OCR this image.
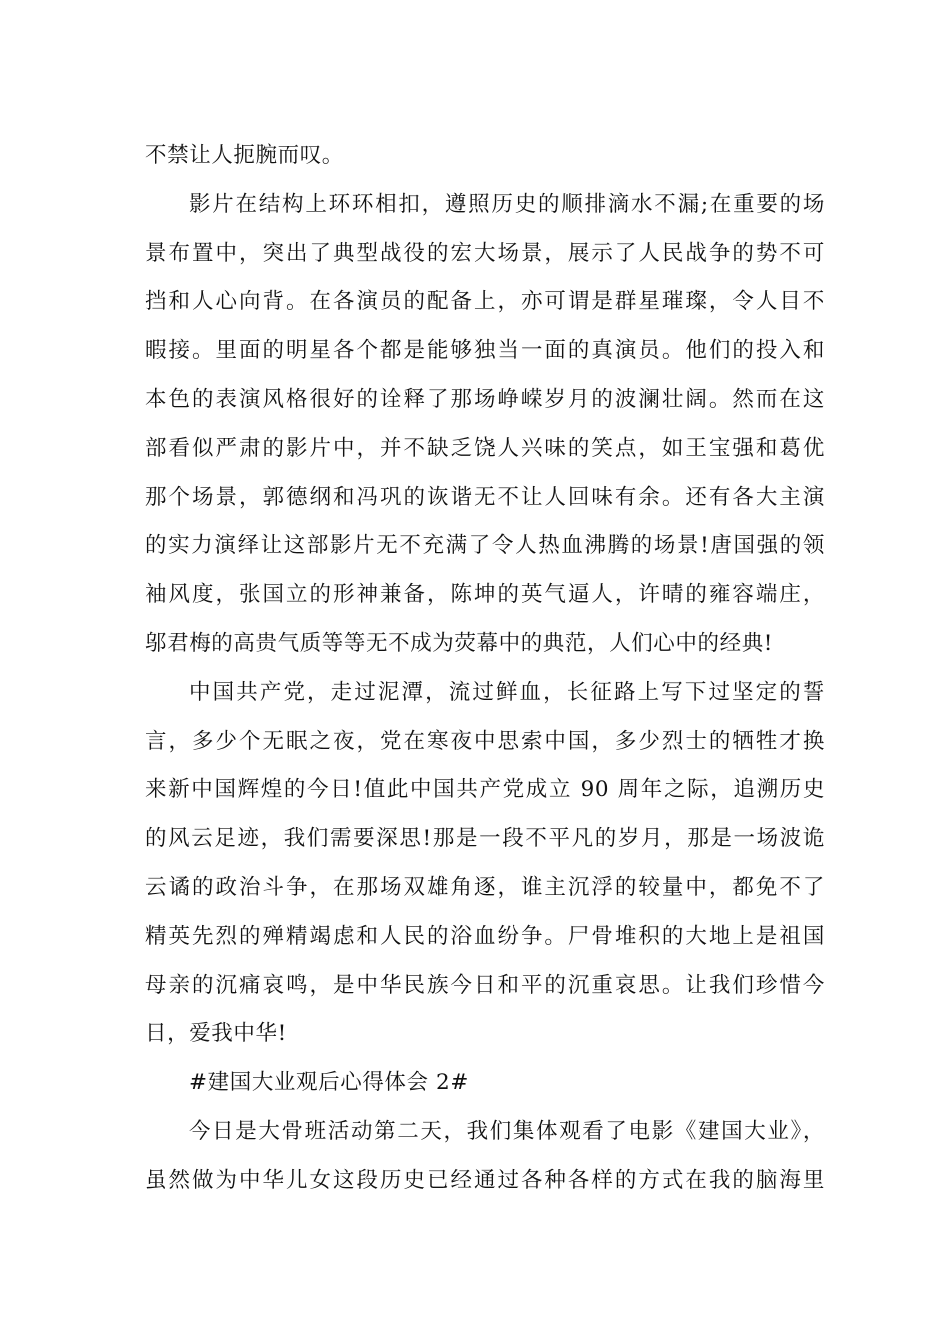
不禁让人扼腕而叹。
影片在结构上环环相扣，遵照历史的顺排滴水不漏;在重要的场
景布置中，突出了典型战役的宏大场景，展示了人民战争的势不可
挡和人心向背。在各演员的配备上，亦可谓是群星璀璨，令人目不
暇接。里面的明星各个都是能够独当一面的真演员。他们的投入和
本色的表演风格很好的诠释了那场峥嵘岁月的波澜壮阔。然而在这
部看似严肃的影片中，并不缺乏饶人兴味的笑点，如王宝强和葛优
那个场景，郭德纲和冯巩的诙谐无不让人回味有余。还有各大主演
的实力演绎让这部影片无不充满了令人热血沸腾的场景!唐国强的领
袖风度，张国立的形神兼备，陈坤的英气逼人，许晴的雍容端庄，
邬君梅的高贵气质等等无不成为荧幕中的典范，人们心中的经典!
中国共产党，走过泥潭，流过鲜血，长征路上写下过坚定的誓
言，多少个无眠之夜，党在寒夜中思索中国，多少烈士的牺牲才换
来新中国辉煌的今日!值此中国共产党成立 90 周年之际，追溯历史
的风云足迹，我们需要深思!那是一段不平凡的岁月，那是一场波诡
云谲的政治斗争，在那场双雄角逐，谁主沉浮的较量中，都免不了
精英先烈的殚精竭虑和人民的浴血纷争。尸骨堆积的大地上是祖国
母亲的沉痛哀鸣，是中华民族今日和平的沉重哀思。让我们珍惜今
日，爱我中华!
#建国大业观后心得体会 2#
今日是大骨班活动第二天，我们集体观看了电影《建国大业》，
虽然做为中华儿女这段历史已经通过各种各样的方式在我的脑海里
